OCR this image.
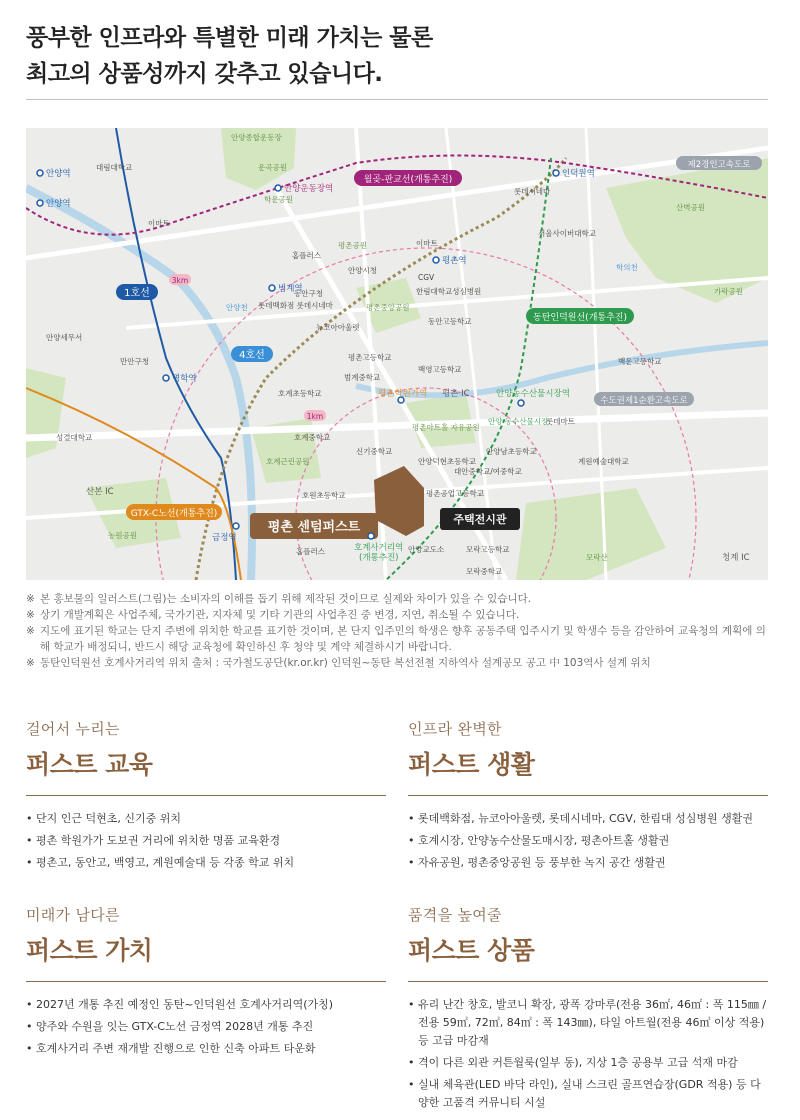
풍부한 인프라와 특별한 미래 가치는 물론
최고의 상품성까지 갖추고 있습니다.
평촌 센텀퍼스트
주택전시관
1호선
4호선
월곶-판교선(개통추진)
동탄인덕원선(개통추진)
GTX-C노선(개통추진)
제2경인고속도로
수도권제1순환고속도로
3km
1km
안양역
안양역
명학역
범계역
평촌역
인덕원역
금정역
안양운동장역
평촌학원가역
호계사거리역
(개통추진)
안양농수산물시장역
청계 IC
산본 IC
평촌 IC
대림대학교
안양종합운동장
이마트
운곡공원
학운공원
홈플러스
동안구청
평촌공원	이마트
안양시청
CGV
한림대학교성심병원
롯데백화점 롯데시네마
뉴코아아울렛
평촌중앙공원
동안고등학교
롯데시네마
서울사이버대학교
학의천
산벽공원
가락공원
안양세무서
만안구청	평촌고등학교
백영고등학교
범계중학교
호계초등학교
백운고등학교
안양 농수산물시장
롯데마트
호계중학교
신기중학교
평촌아트홀 자유공원
안양천
성결대학교
안양덕현초등학교
안양남초등학교
대안중학교/여중학교
계원예술대학교
호계근린공원
호원초등학교	평촌공업고등학교
농원공원
홈플러스	안양교도소	모락고등학교
모락중학교
모락산
※ 본 홍보물의 일러스트(그림)는 소비자의 이해를 돕기 위해 제작된 것이므로 실제와 차이가 있을 수 있습니다.
※ 상기 개발계획은 사업주체, 국가기관, 지자체 및 기타 기관의 사업추진 중 변경, 지연, 취소될 수 있습니다.
※ 지도에 표기된 학교는 단지 주변에 위치한 학교를 표기한 것이며, 본 단지 입주민의 학생은 향후 공동주택 입주시기 및 학생수 등을 감안하여 교육청의 계획에 의해 학교가 배정되니, 반드시 해당 교육청에 확인하신 후 청약 및 계약 체결하시기 바랍니다.
※ 동탄인덕원선 호계사거리역 위치 출처 : 국가철도공단(kr.or.kr) 인덕원~동탄 복선전철 지하역사 설계공모 공고 中 103역사 설계 위치
걸어서 누리는
퍼스트 교육
• 단지 인근 덕현초, 신기중 위치
• 평촌 학원가가 도보권 거리에 위치한 명품 교육환경
• 평촌고, 동안고, 백영고, 계원예술대 등 각종 학교 위치
인프라 완벽한
퍼스트 생활
• 롯데백화점, 뉴코아아울렛, 롯데시네마, CGV, 한림대 성심병원 생활권
• 호계시장, 안양농수산물도매시장, 평촌아트홀 생활권
• 자유공원, 평촌중앙공원 등 풍부한 녹지 공간 생활권
미래가 남다른
퍼스트 가치
• 2027년 개통 추진 예정인 동탄~인덕원선 호계사거리역(가칭)
• 양주와 수원을 잇는 GTX-C노선 금정역 2028년 개통 추진
• 호계사거리 주변 재개발 진행으로 인한 신축 아파트 타운화
품격을 높여줄
퍼스트 상품
• 유리 난간 창호, 발코니 확장, 광폭 강마루(전용 36㎡, 46㎡ : 폭 115㎜ / 전용 59㎡, 72㎡, 84㎡ : 폭 143㎜), 타일 아트월(전용 46㎡ 이상 적용) 등 고급 마감재
• 격이 다른 외관 커튼월룩(일부 동), 지상 1층 공용부 고급 석재 마감
• 실내 체육관(LED 바닥 라인), 실내 스크린 골프연습장(GDR 적용) 등 다양한 고품격 커뮤니티 시설
